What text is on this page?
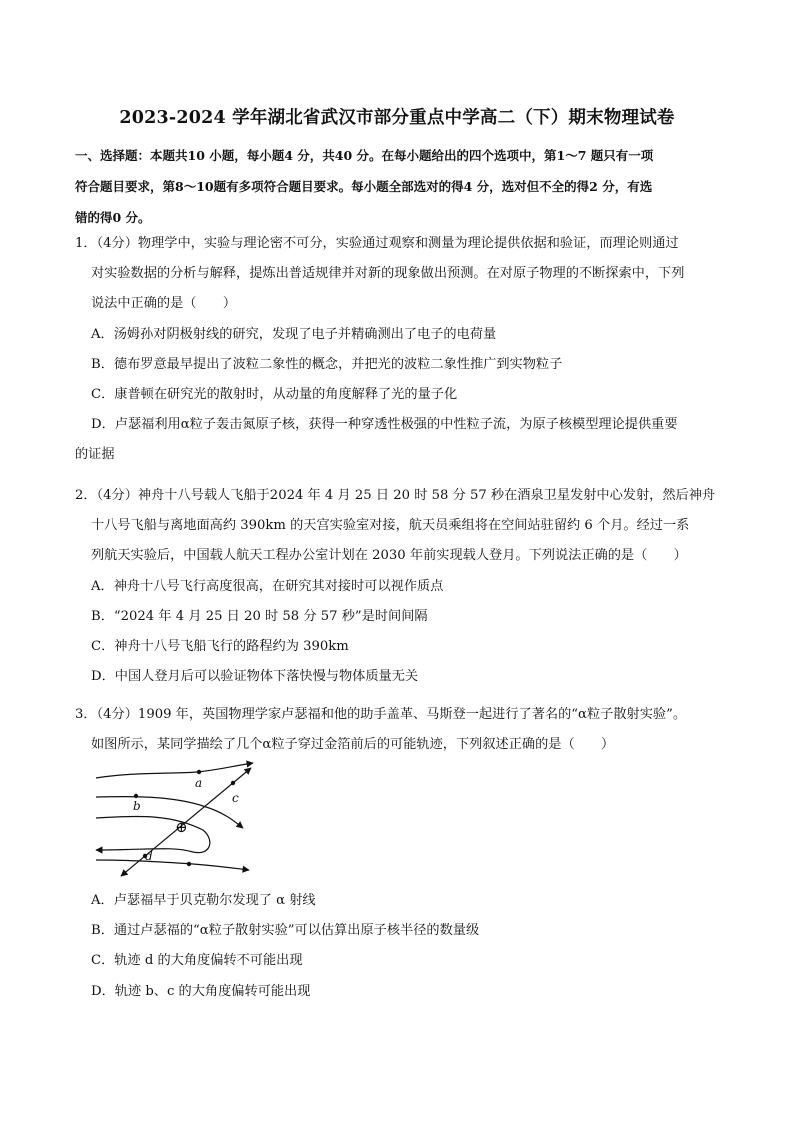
2023-2024 学年湖北省武汉市部分重点中学高二（下）期末物理试卷

一、选择题：本题共10 小题，每小题4 分，共40 分。在每小题给出的四个选项中，第1～7 题只有一项

符合题目要求，第8～10题有多项符合题目要求。每小题全部选对的得4 分，选对但不全的得2 分，有选

错的得0 分。

1．（4分）物理学中，实验与理论密不可分，实验通过观察和测量为理论提供依据和验证，而理论则通过

对实验数据的分析与解释，提炼出普适规律并对新的现象做出预测。在对原子物理的不断探索中，下列

说法中正确的是（　　）

A．汤姆孙对阴极射线的研究，发现了电子并精确测出了电子的电荷量

B．德布罗意最早提出了波粒二象性的概念，并把光的波粒二象性推广到实物粒子

C．康普顿在研究光的散射时，从动量的角度解释了光的量子化

D．卢瑟福利用α粒子轰击氮原子核，获得一种穿透性极强的中性粒子流，为原子核模型理论提供重要

的证据

2．（4分）神舟十八号载人飞船于2024 年 4 月 25 日 20 时 58 分 57 秒在酒泉卫星发射中心发射，然后神舟

十八号飞船与离地面高约 390km 的天宫实验室对接，航天员乘组将在空间站驻留约 6 个月。经过一系

列航天实验后，中国载人航天工程办公室计划在 2030 年前实现载人登月。下列说法正确的是（　　）

A．神舟十八号飞行高度很高，在研究其对接时可以视作质点

B．“2024 年 4 月 25 日 20 时 58 分 57 秒”是时间间隔

C．神舟十八号飞船飞行的路程约为 390km

D．中国人登月后可以验证物体下落快慢与物体质量无关

3．（4分）1909 年，英国物理学家卢瑟福和他的助手盖革、马斯登一起进行了著名的“α粒子散射实验”。

如图所示，某同学描绘了几个α粒子穿过金箔前后的可能轨迹，下列叙述正确的是（　　）

a
b
⊕
c
d

A．卢瑟福早于贝克勒尔发现了 α 射线

B．通过卢瑟福的“α粒子散射实验”可以估算出原子核半径的数量级

C．轨迹 d 的大角度偏转不可能出现

D．轨迹 b、c 的大角度偏转可能出现
